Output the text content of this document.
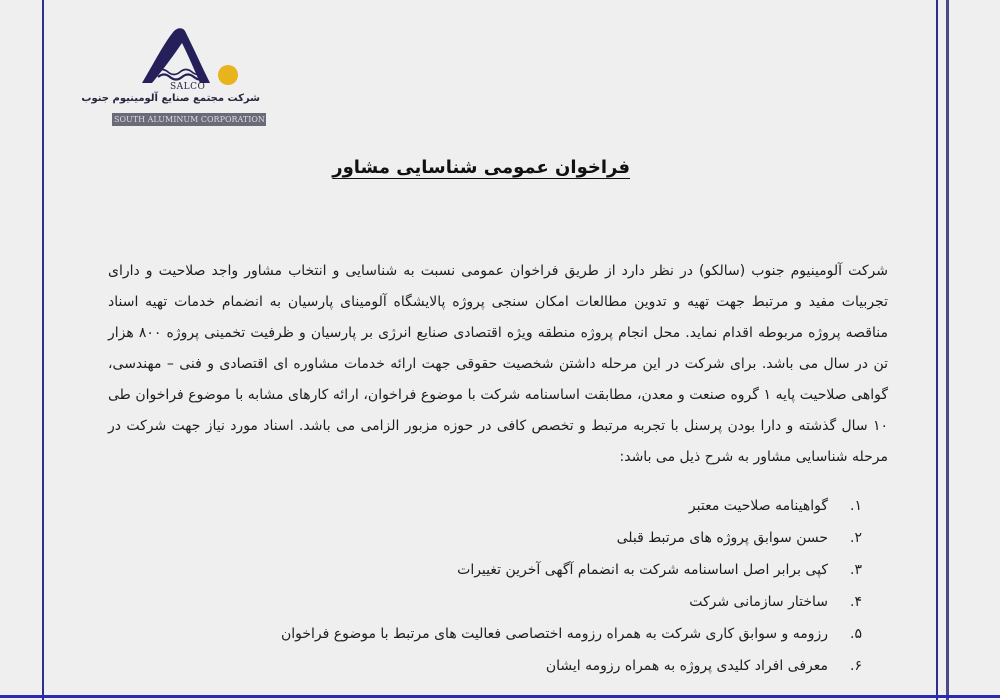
SALCO
شرکت مجتمع صنایع آلومینیوم جنوب
SOUTH ALUMINUM CORPORATION
فراخوان عمومی شناسایی مشاور

شرکت آلومینیوم جنوب (سالکو) در نظر دارد از طریق فراخوان عمومی نسبت به شناسایی و انتخاب مشاور واجد صلاحیت و دارای تجربیات مفید و مرتبط جهت تهیه و تدوین مطالعات امکان سنجی پروژه پالایشگاه آلومینای پارسیان به انضمام خدمات تهیه اسناد مناقصه پروژه مربوطه اقدام نماید. محل انجام پروژه منطقه ویژه اقتصادی صنایع انرژی بر پارسیان و ظرفیت تخمینی پروژه ۸۰۰ هزار تن در سال می باشد. برای شرکت در این مرحله داشتن شخصیت حقوقی جهت ارائه خدمات مشاوره ای اقتصادی و فنی – مهندسی، گواهی صلاحیت پایه ۱ گروه صنعت و معدن، مطابقت اساسنامه شرکت با موضوع فراخوان، ارائه کارهای مشابه با موضوع فراخوان طی ۱۰ سال گذشته و دارا بودن پرسنل با تجربه مرتبط و تخصص کافی در حوزه مزبور الزامی می باشد. اسناد مورد نیاز جهت شرکت در مرحله شناسایی مشاور به شرح ذیل می باشد:

۱.
گواهینامه صلاحیت معتبر
۲.
حسن سوابق پروژه های مرتبط قبلی
۳.
کپی برابر اصل اساسنامه شرکت به انضمام آگهی آخرین تغییرات
۴.
ساختار سازمانی شرکت
۵.
رزومه و سوابق کاری شرکت به همراه رزومه اختصاصی فعالیت های مرتبط با موضوع فراخوان
۶.
معرفی افراد کلیدی پروژه به همراه رزومه ایشان
